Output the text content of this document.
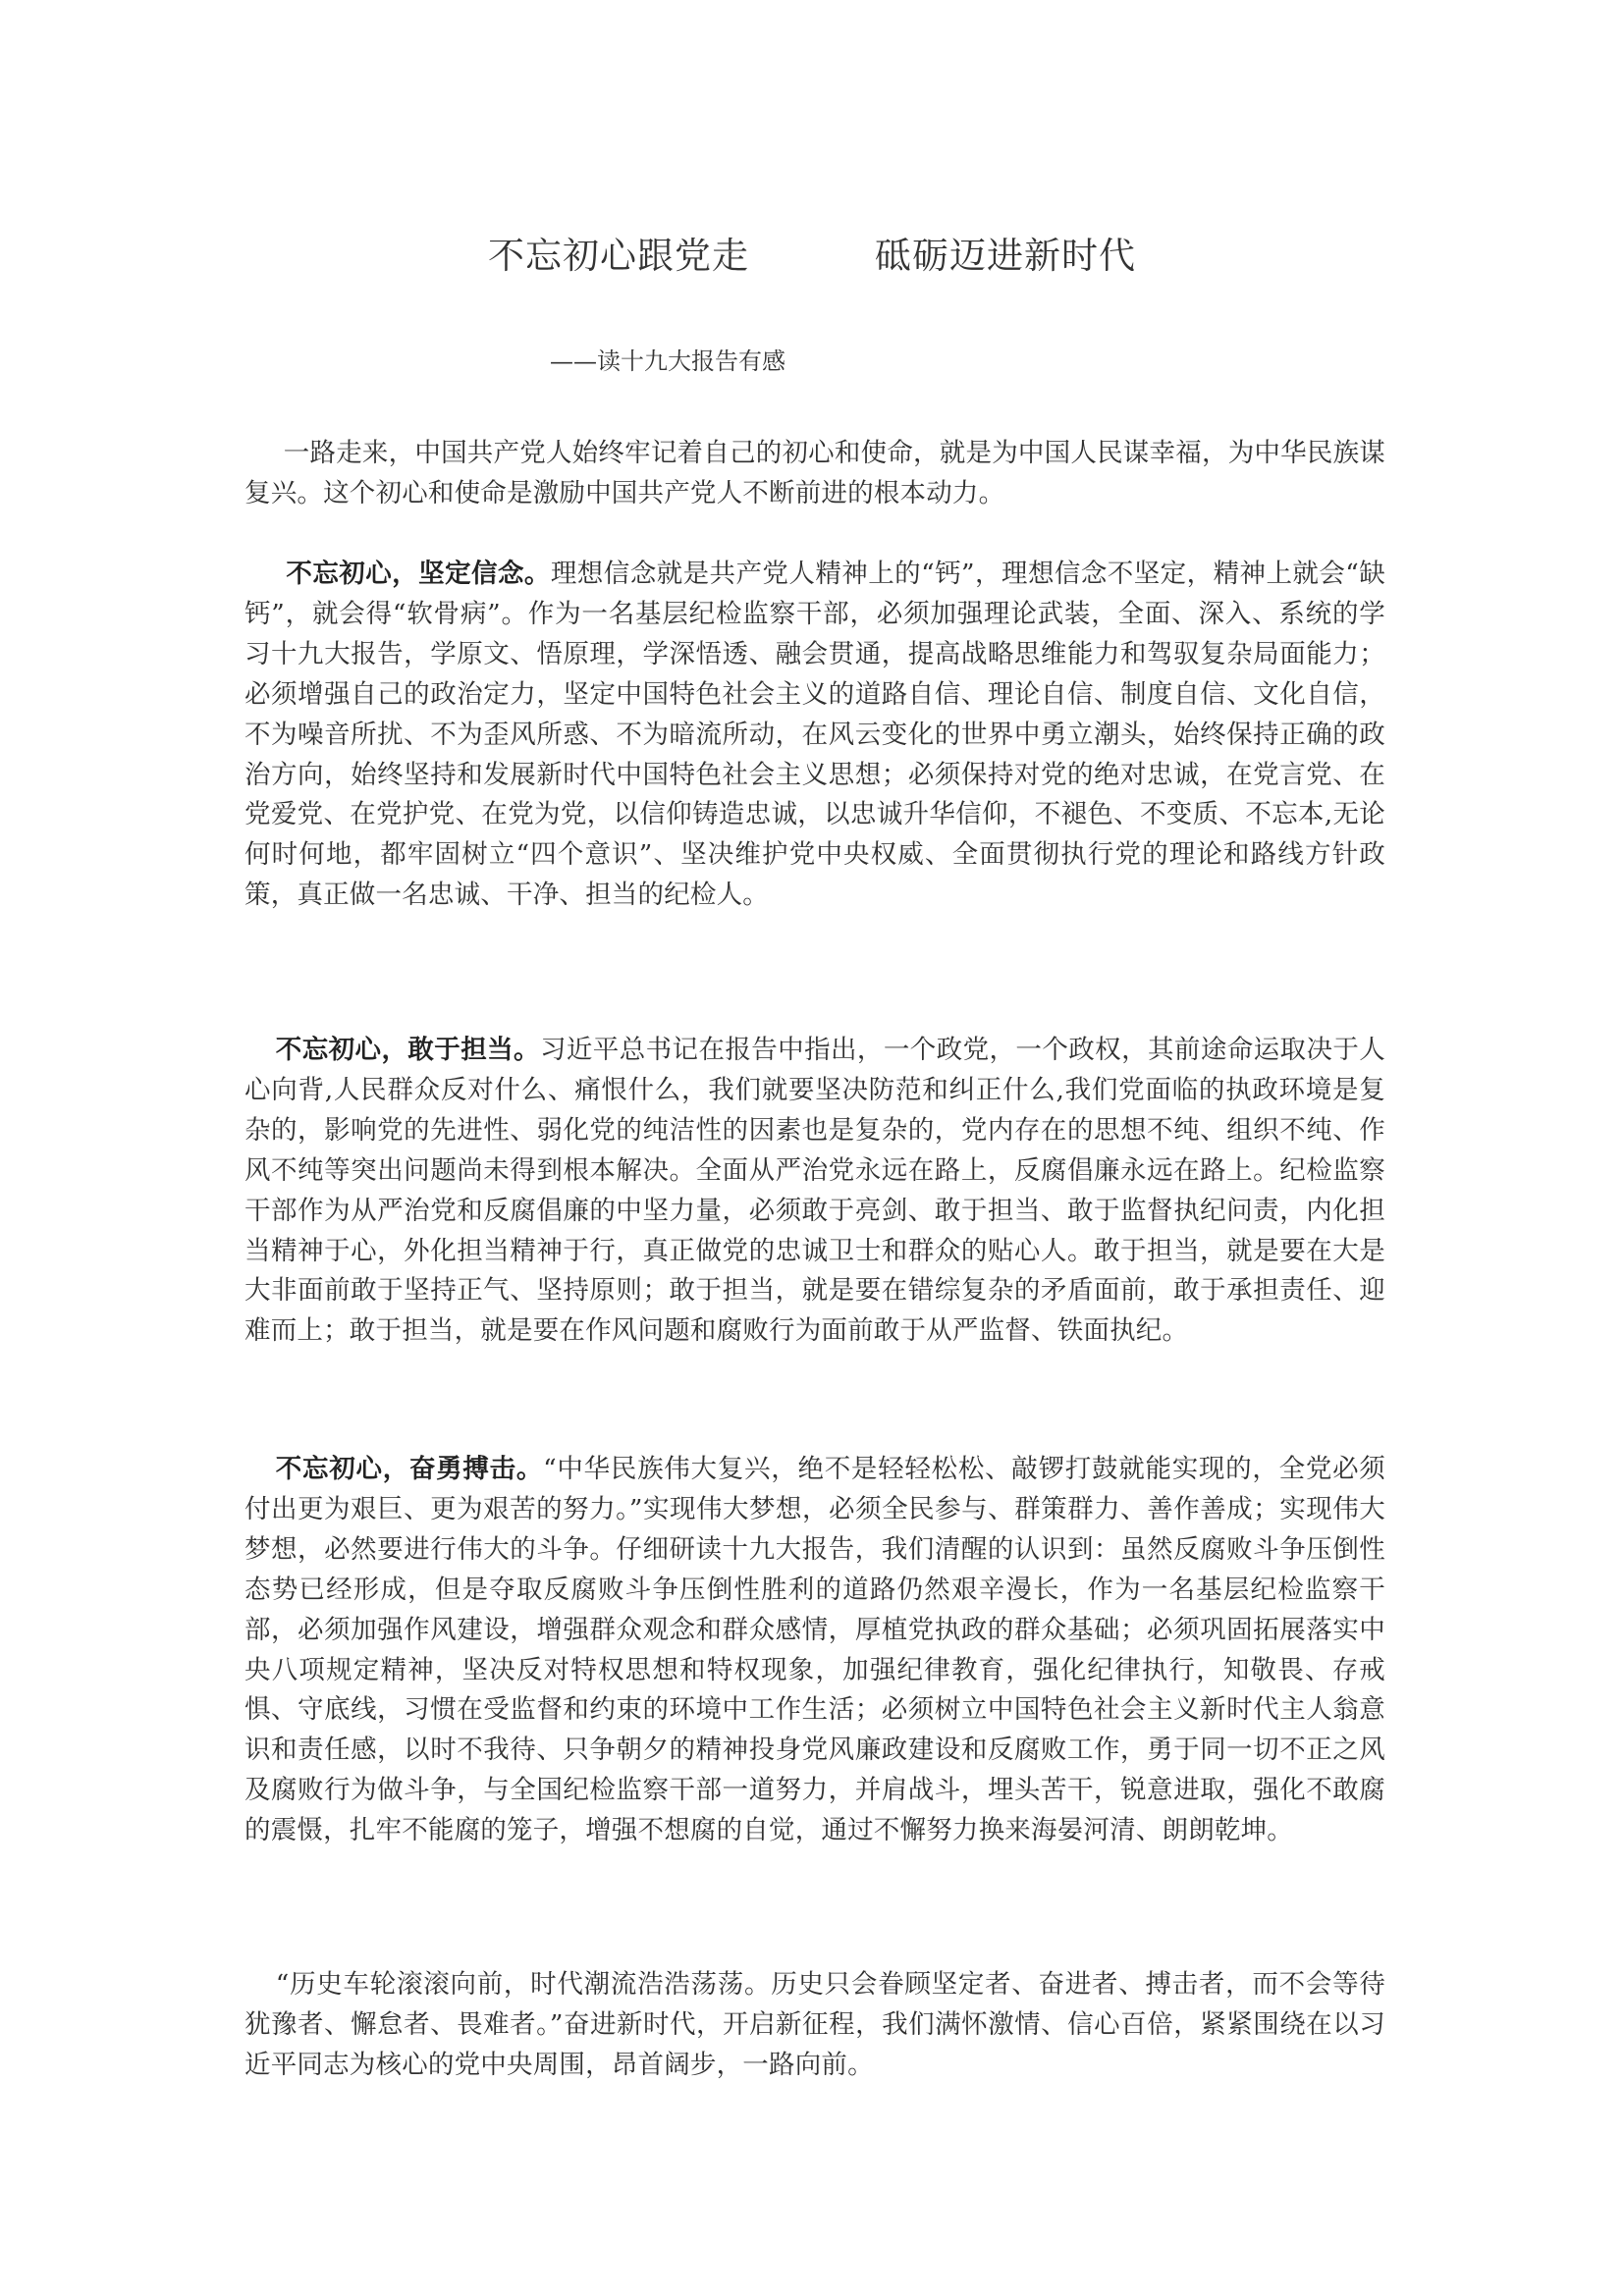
不忘初心跟党走	砥砺迈进新时代
——读十九大报告有感

一路走来，中国共产党人始终牢记着自己的初心和使命，就是为中国人民谋幸福，为中华民族谋复兴。这个初心和使命是激励中国共产党人不断前进的根本动力。

不忘初心，坚定信念。理想信念就是共产党人精神上的“钙”，理想信念不坚定，精神上就会“缺钙”，就会得“软骨病”。作为一名基层纪检监察干部，必须加强理论武装，全面、深入、系统的学习十九大报告，学原文、悟原理，学深悟透、融会贯通，提高战略思维能力和驾驭复杂局面能力；必须增强自己的政治定力，坚定中国特色社会主义的道路自信、理论自信、制度自信、文化自信，不为噪音所扰、不为歪风所惑、不为暗流所动，在风云变化的世界中勇立潮头，始终保持正确的政治方向，始终坚持和发展新时代中国特色社会主义思想；必须保持对党的绝对忠诚，在党言党、在党爱党、在党护党、在党为党，以信仰铸造忠诚，以忠诚升华信仰，不褪色、不变质、不忘本,无论何时何地，都牢固树立“四个意识”、坚决维护党中央权威、全面贯彻执行党的理论和路线方针政策，真正做一名忠诚、干净、担当的纪检人。

不忘初心，敢于担当。习近平总书记在报告中指出，一个政党，一个政权，其前途命运取决于人心向背,人民群众反对什么、痛恨什么，我们就要坚决防范和纠正什么,我们党面临的执政环境是复杂的，影响党的先进性、弱化党的纯洁性的因素也是复杂的，党内存在的思想不纯、组织不纯、作风不纯等突出问题尚未得到根本解决。全面从严治党永远在路上，反腐倡廉永远在路上。纪检监察干部作为从严治党和反腐倡廉的中坚力量，必须敢于亮剑、敢于担当、敢于监督执纪问责，内化担当精神于心，外化担当精神于行，真正做党的忠诚卫士和群众的贴心人。敢于担当，就是要在大是大非面前敢于坚持正气、坚持原则；敢于担当，就是要在错综复杂的矛盾面前，敢于承担责任、迎难而上；敢于担当，就是要在作风问题和腐败行为面前敢于从严监督、铁面执纪。

不忘初心，奋勇搏击。“中华民族伟大复兴，绝不是轻轻松松、敲锣打鼓就能实现的，全党必须付出更为艰巨、更为艰苦的努力。”实现伟大梦想，必须全民参与、群策群力、善作善成；实现伟大梦想，必然要进行伟大的斗争。仔细研读十九大报告，我们清醒的认识到：虽然反腐败斗争压倒性态势已经形成，但是夺取反腐败斗争压倒性胜利的道路仍然艰辛漫长，作为一名基层纪检监察干部，必须加强作风建设，增强群众观念和群众感情，厚植党执政的群众基础；必须巩固拓展落实中央八项规定精神，坚决反对特权思想和特权现象，加强纪律教育，强化纪律执行，知敬畏、存戒惧、守底线，习惯在受监督和约束的环境中工作生活；必须树立中国特色社会主义新时代主人翁意识和责任感，以时不我待、只争朝夕的精神投身党风廉政建设和反腐败工作，勇于同一切不正之风及腐败行为做斗争，与全国纪检监察干部一道努力，并肩战斗，埋头苦干，锐意进取，强化不敢腐的震慑，扎牢不能腐的笼子，增强不想腐的自觉，通过不懈努力换来海晏河清、朗朗乾坤。

“历史车轮滚滚向前，时代潮流浩浩荡荡。历史只会眷顾坚定者、奋进者、搏击者，而不会等待犹豫者、懈怠者、畏难者。”奋进新时代，开启新征程，我们满怀激情、信心百倍，紧紧围绕在以习近平同志为核心的党中央周围，昂首阔步，一路向前。
